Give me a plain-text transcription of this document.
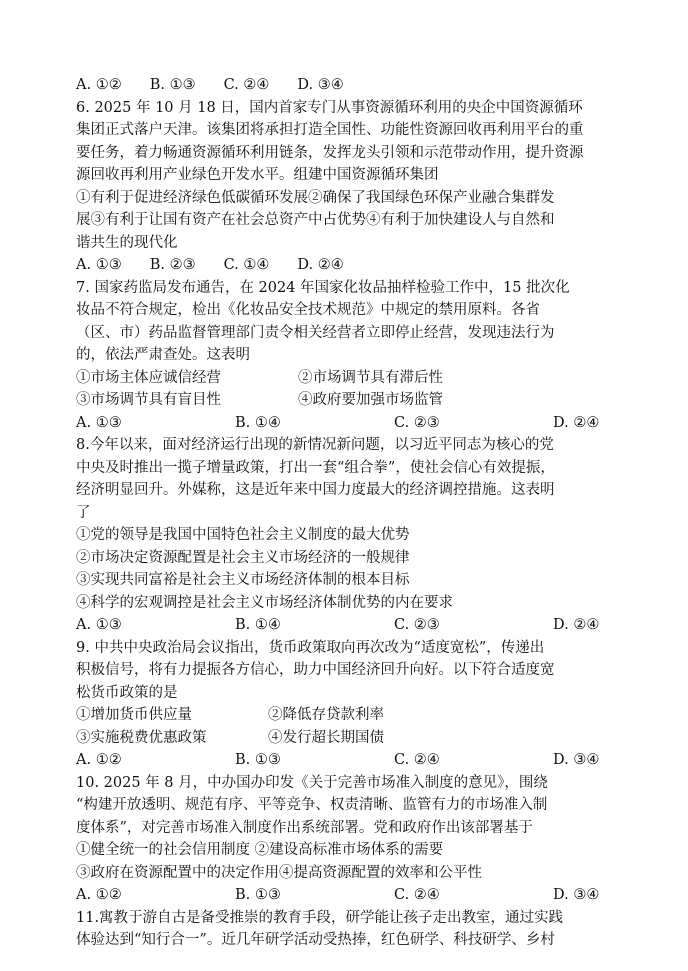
A. ①② B. ①③ C. ②④ D. ③④
6. 2025 年 10 月 18 日，国内首家专门从事资源循环利用的央企中国资源循环
集团正式落户天津。该集团将承担打造全国性、功能性资源回收再利用平台的重
要任务，着力畅通资源循环利用链条，发挥龙头引领和示范带动作用，提升资源
源回收再利用产业绿色开发水平。组建中国资源循环集团
①有利于促进经济绿色低碳循环发展②确保了我国绿色环保产业融合集群发
展③有利于让国有资产在社会总资产中占优势④有利于加快建设人与自然和
谐共生的现代化
A. ①③ B. ②③ C. ①④ D. ②④
7. 国家药监局发布通告，在 2024 年国家化妆品抽样检验工作中，15 批次化
妆品不符合规定，检出《化妆品安全技术规范》中规定的禁用原料。各省
（区、市）药品监督管理部门责令相关经营者立即停止经营，发现违法行为
的，依法严肃查处。这表明
①市场主体应诚信经营	②市场调节具有滞后性
③市场调节具有盲目性	④政府要加强市场监管
A. ①③	B. ①④	C. ②③	D. ②④
8.今年以来，面对经济运行出现的新情况新问题，以习近平同志为核心的党
中央及时推出一揽子增量政策，打出一套“组合拳”，使社会信心有效提振，
经济明显回升。外媒称，这是近年来中国力度最大的经济调控措施。这表明
了
①党的领导是我国中国特色社会主义制度的最大优势
②市场决定资源配置是社会主义市场经济的一般规律
③实现共同富裕是社会主义市场经济体制的根本目标
④科学的宏观调控是社会主义市场经济体制优势的内在要求
A. ①③	B. ①④	C. ②③	D. ②④
9. 中共中央政治局会议指出，货币政策取向再次改为“适度宽松”，传递出
积极信号，将有力提振各方信心，助力中国经济回升向好。以下符合适度宽
松货币政策的是
①增加货币供应量	②降低存贷款利率
③实施税费优惠政策	④发行超长期国债
A. ①②	B. ①③	C. ②④	D. ③④
10. 2025 年 8 月，中办国办印发《关于完善市场准入制度的意见》，围绕
“构建开放透明、规范有序、平等竞争、权责清晰、监管有力的市场准入制
度体系”，对完善市场准入制度作出系统部署。党和政府作出该部署基于
①健全统一的社会信用制度 ②建设高标准市场体系的需要
③政府在资源配置中的决定作用④提高资源配置的效率和公平性
A. ①②	B. ①③	C. ②④	D. ③④
11.寓教于游自古是备受推崇的教育手段，研学能让孩子走出教室，通过实践
体验达到“知行合一”。近几年研学活动受热捧，红色研学、科技研学、乡村
